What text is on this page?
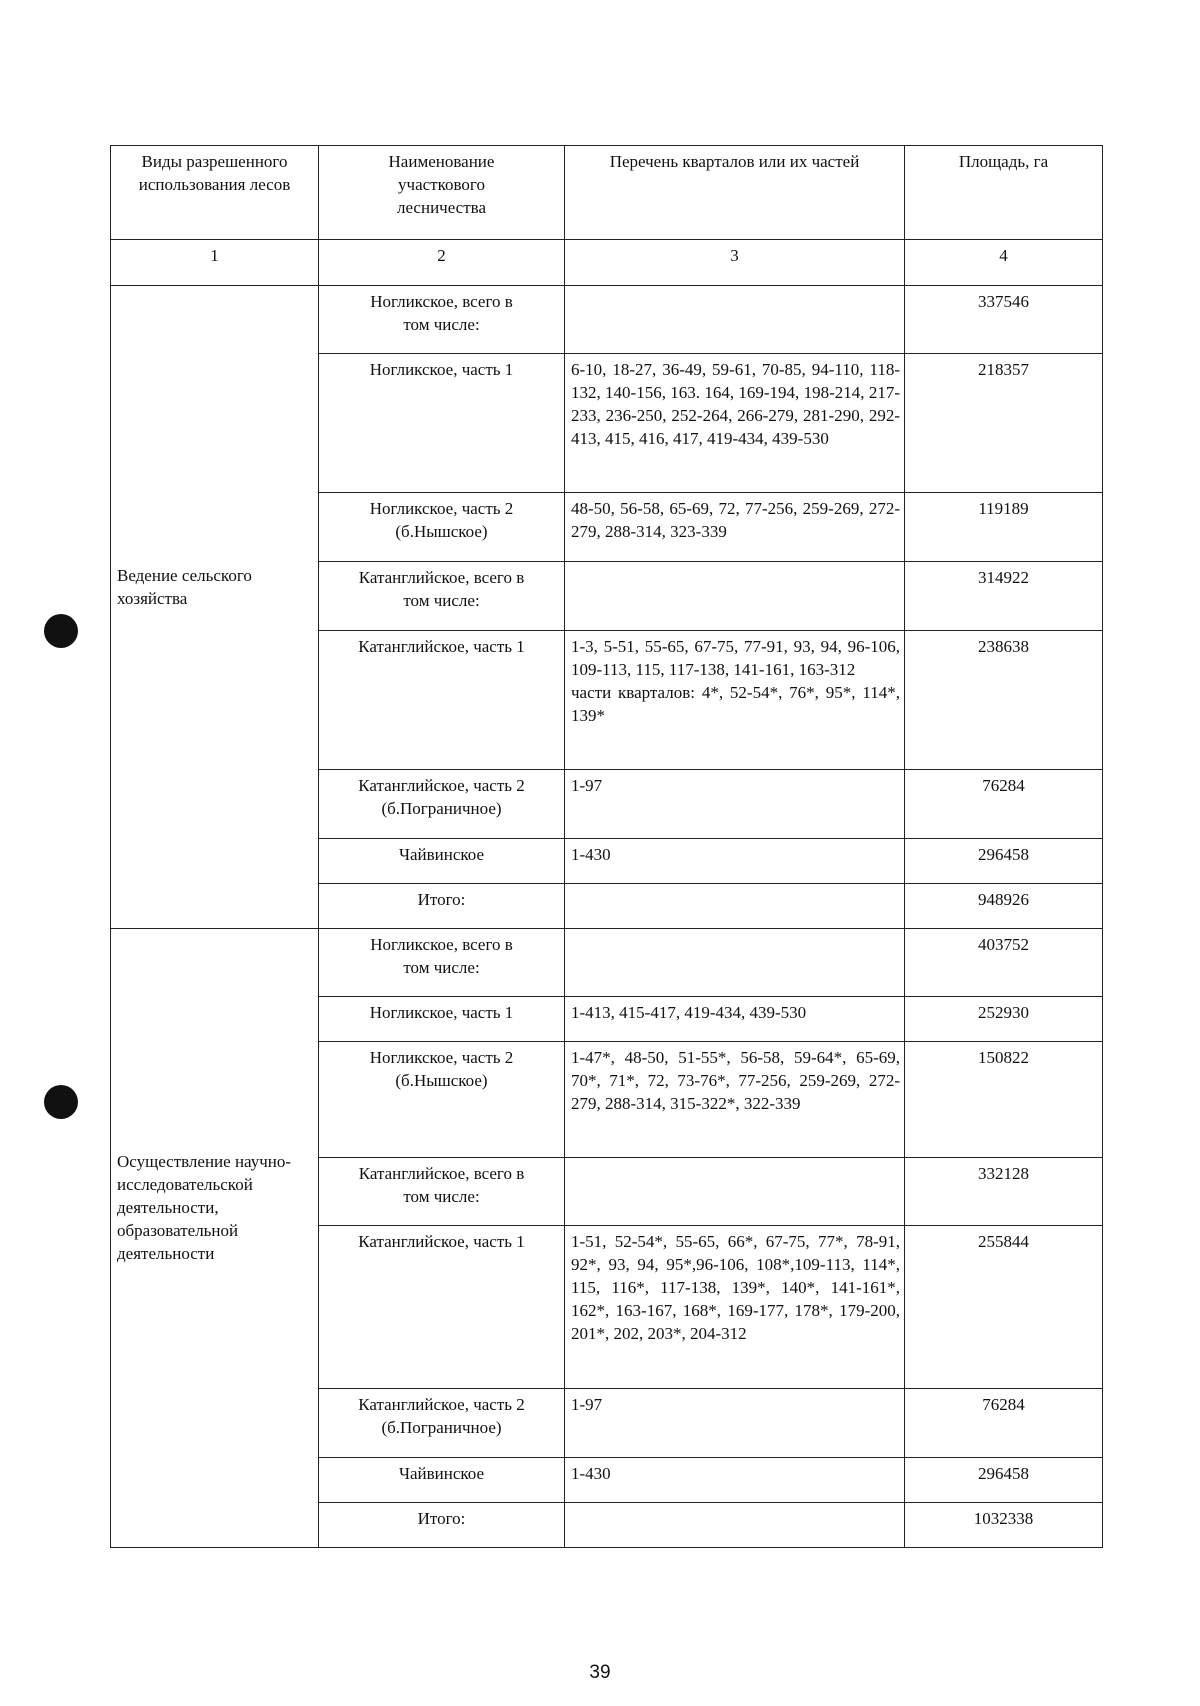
Виды разрешенного использования лесов	Наименование участкового лесничества	Перечень кварталов или их частей	Площадь, га
1	2	3	4

Ведение сельского хозяйства	Ногликское, всего в том числе:		337546
	Ногликское, часть 1	6-10, 18-27, 36-49, 59-61, 70-85, 94-110, 118-132, 140-156, 163. 164, 169-194, 198-214, 217-233, 236-250, 252-264, 266-279, 281-290, 292-413, 415, 416, 417, 419-434, 439-530	218357

	Ногликское, часть 2 (б.Нышское)	48-50, 56-58, 65-69, 72, 77-256, 259-269, 272-279, 288-314, 323-339	119189

	Катанглийское, всего в том числе:		314922
	Катанглийское, часть 1	1-3, 5-51, 55-65, 67-75, 77-91, 93, 94, 96-106, 109-113, 115, 117-138, 141-161, 163-312
части кварталов: 4*, 52-54*, 76*, 95*, 114*, 139*	238638

	Катанглийское, часть 2 (б.Пограничное)	1-97	76284
	Чайвинское	1-430	296458
	Итого:		948926

Осуществление научно-исследовательской деятельности, образовательной деятельности	Ногликское, всего в том числе:		403752
	Ногликское, часть 1	1-413, 415-417, 419-434, 439-530	252930

	Ногликское, часть 2 (б.Нышское)	1-47*, 48-50, 51-55*, 56-58, 59-64*, 65-69, 70*, 71*, 72, 73-76*, 77-256, 259-269, 272-279, 288-314, 315-322*, 322-339	150822

	Катанглийское, всего в том числе:		332128
	Катанглийское, часть 1	1-51, 52-54*, 55-65, 66*, 67-75, 77*, 78-91, 92*, 93, 94, 95*,96-106, 108*,109-113, 114*, 115, 116*, 117-138, 139*, 140*, 141-161*, 162*, 163-167, 168*, 169-177, 178*, 179-200, 201*, 202, 203*, 204-312	255844
	Катанглийское, часть 2 (б.Пограничное)	1-97	76284
	Чайвинское	1-430	296458
	Итого:		1032338
39
